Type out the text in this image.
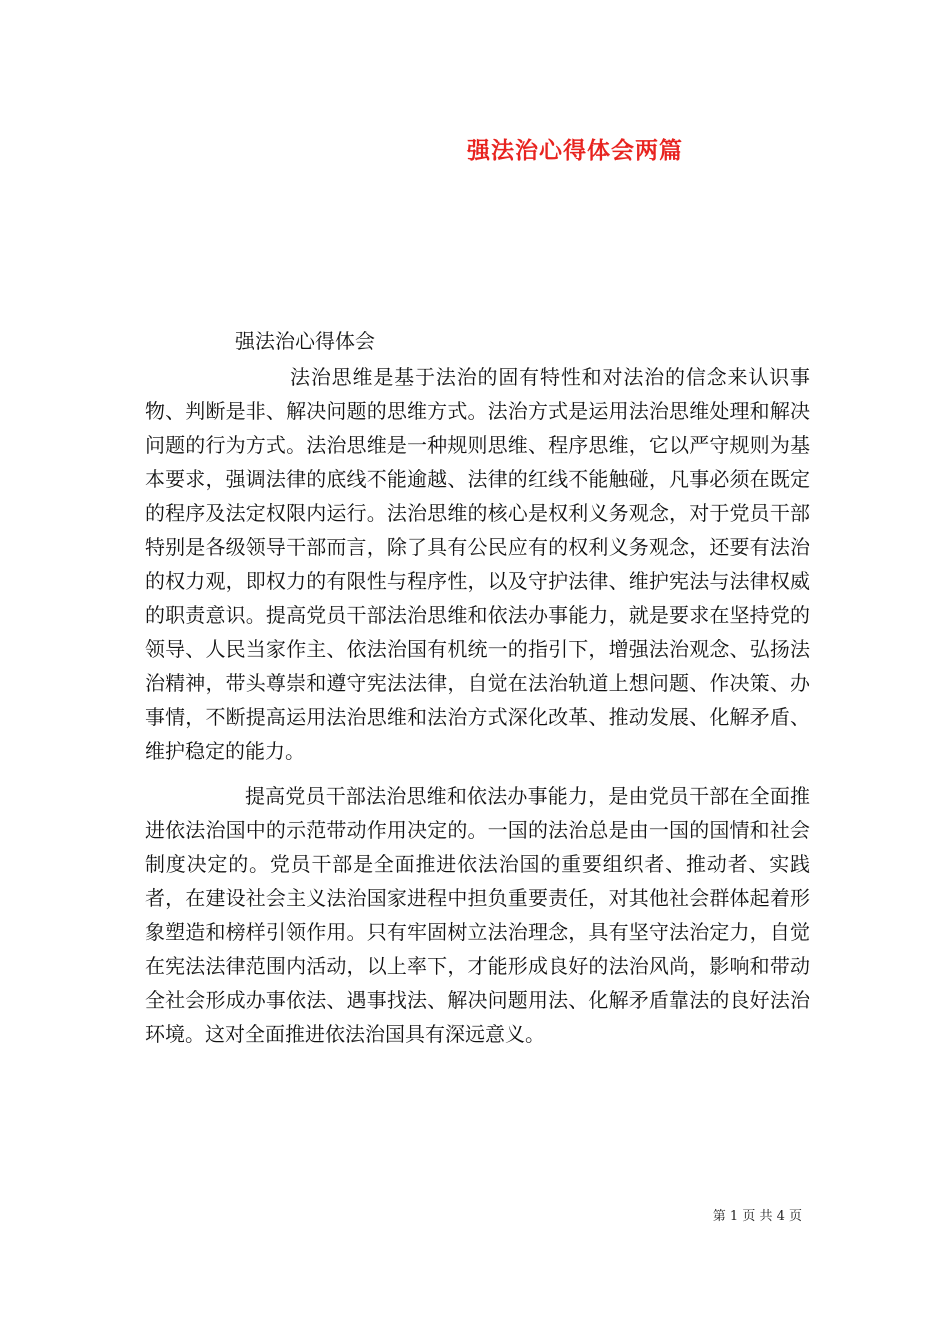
强法治心得体会两篇
强法治心得体会

法治思维是基于法治的固有特性和对法治的信念来认识事物、判断是非、解决问题的思维方式。法治方式是运用法治思维处理和解决问题的行为方式。法治思维是一种规则思维、程序思维，它以严守规则为基本要求，强调法律的底线不能逾越、法律的红线不能触碰，凡事必须在既定的程序及法定权限内运行。法治思维的核心是权利义务观念，对于党员干部特别是各级领导干部而言，除了具有公民应有的权利义务观念，还要有法治的权力观，即权力的有限性与程序性，以及守护法律、维护宪法与法律权威的职责意识。提高党员干部法治思维和依法办事能力，就是要求在坚持党的领导、人民当家作主、依法治国有机统一的指引下，增强法治观念、弘扬法治精神，带头尊崇和遵守宪法法律，自觉在法治轨道上想问题、作决策、办事情，不断提高运用法治思维和法治方式深化改革、推动发展、化解矛盾、维护稳定的能力。

提高党员干部法治思维和依法办事能力，是由党员干部在全面推进依法治国中的示范带动作用决定的。一国的法治总是由一国的国情和社会制度决定的。党员干部是全面推进依法治国的重要组织者、推动者、实践者，在建设社会主义法治国家进程中担负重要责任，对其他社会群体起着形象塑造和榜样引领作用。只有牢固树立法治理念，具有坚守法治定力，自觉在宪法法律范围内活动，以上率下，才能形成良好的法治风尚，影响和带动全社会形成办事依法、遇事找法、解决问题用法、化解矛盾靠法的良好法治环境。这对全面推进依法治国具有深远意义。

第 1 页 共 4 页
